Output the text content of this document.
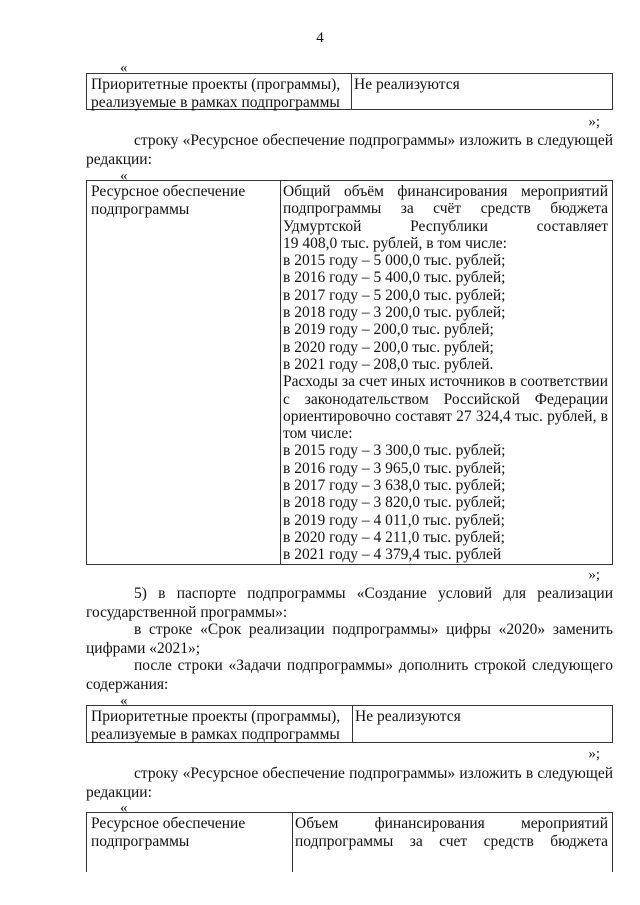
4
«
Приоритетные проекты (программы),
реализуемые в рамках подпрограммы
Не реализуются
»;
строку «Ресурсное обеспечение подпрограммы» изложить в следующей
редакции:
«
Ресурсное обеспечение
подпрограммы
Общий объём финансирования мероприятий
подпрограммы за счёт средств бюджета
Удмуртской Республики составляет
19 408,0 тыс. рублей, в том числе:
в 2015 году – 5 000,0 тыс. рублей;
в 2016 году – 5 400,0 тыс. рублей;
в 2017 году – 5 200,0 тыс. рублей;
в 2018 году – 3 200,0 тыс. рублей;
в 2019 году – 200,0 тыс. рублей;
в 2020 году – 200,0 тыс. рублей;
в 2021 году – 208,0 тыс. рублей.
Расходы за счет иных источников в соответствии
с законодательством Российской Федерации
ориентировочно составят 27 324,4 тыс. рублей, в
том числе:
в 2015 году – 3 300,0 тыс. рублей;
в 2016 году – 3 965,0 тыс. рублей;
в 2017 году – 3 638,0 тыс. рублей;
в 2018 году – 3 820,0 тыс. рублей;
в 2019 году – 4 011,0 тыс. рублей;
в 2020 году – 4 211,0 тыс. рублей;
в 2021 году – 4 379,4 тыс. рублей
»;
5) в паспорте подпрограммы «Создание условий для реализации
государственной программы»:
в строке «Срок реализации подпрограммы» цифры «2020» заменить
цифрами «2021»;
после строки «Задачи подпрограммы» дополнить строкой следующего
содержания:
«
Приоритетные проекты (программы),
реализуемые в рамках подпрограммы
Не реализуются
»;
строку «Ресурсное обеспечение подпрограммы» изложить в следующей
редакции:
«
Ресурсное обеспечение
подпрограммы
Объем финансирования мероприятий
подпрограммы за счет средств бюджета
